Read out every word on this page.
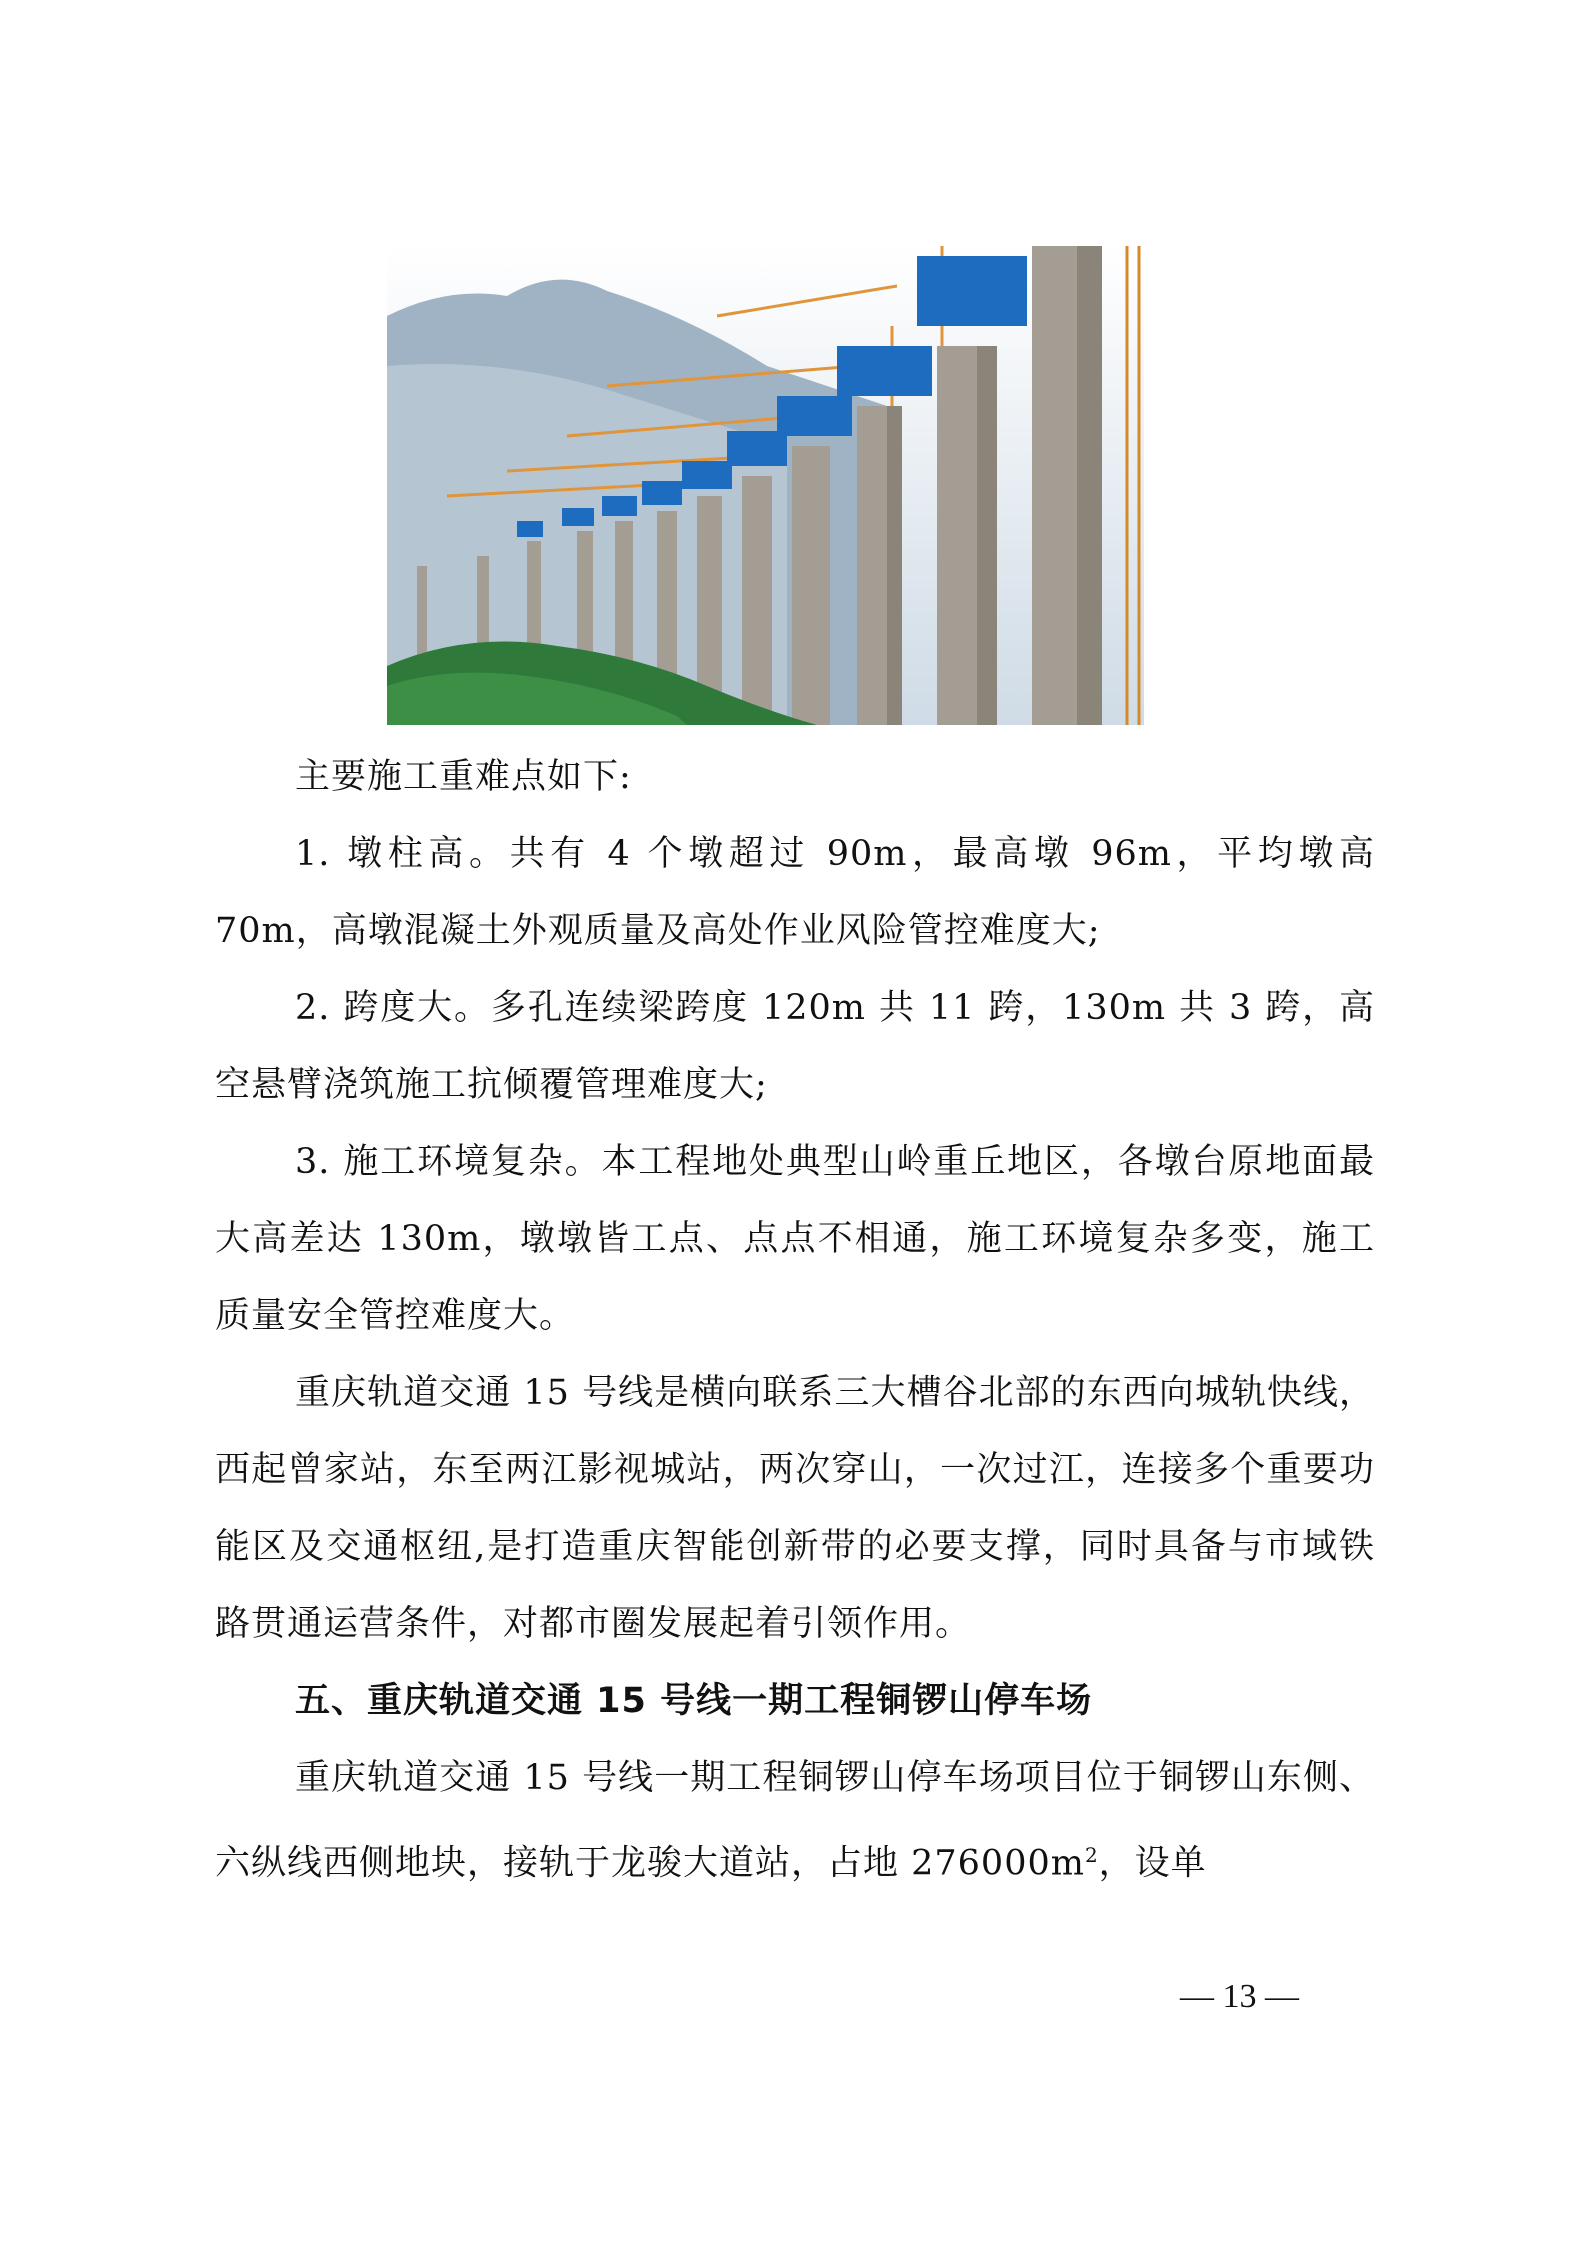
主要施工重难点如下:

1. 墩柱高。共有 4 个墩超过 90m，最高墩 96m，平均墩高 70m，高墩混凝土外观质量及高处作业风险管控难度大;

2. 跨度大。多孔连续梁跨度 120m 共 11 跨，130m 共 3 跨，高空悬臂浇筑施工抗倾覆管理难度大;

3. 施工环境复杂。本工程地处典型山岭重丘地区，各墩台原地面最大高差达 130m，墩墩皆工点、点点不相通，施工环境复杂多变，施工质量安全管控难度大。

重庆轨道交通 15 号线是横向联系三大槽谷北部的东西向城轨快线，西起曾家站，东至两江影视城站，两次穿山，一次过江，连接多个重要功能区及交通枢纽,是打造重庆智能创新带的必要支撑，同时具备与市域铁路贯通运营条件，对都市圈发展起着引领作用。

五、重庆轨道交通 15 号线一期工程铜锣山停车场

重庆轨道交通 15 号线一期工程铜锣山停车场项目位于铜锣山东侧、六纵线西侧地块，接轨于龙骏大道站，占地 $276000m^2$，设单

— 13 —
